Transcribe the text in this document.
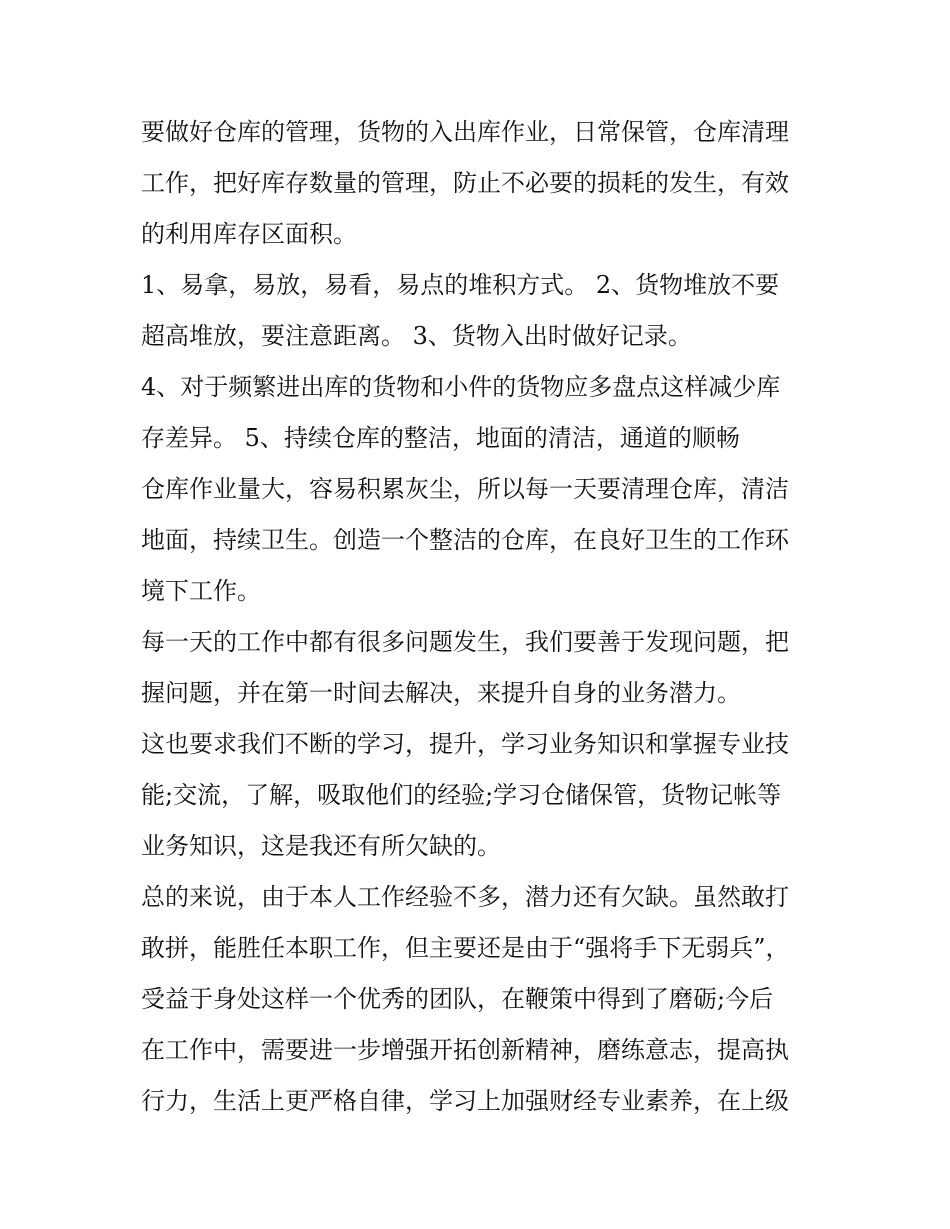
要做好仓库的管理，货物的入出库作业，日常保管，仓库清理
工作，把好库存数量的管理，防止不必要的损耗的发生，有效
的利用库存区面积。
1、易拿，易放，易看，易点的堆积方式。 2、货物堆放不要
超高堆放，要注意距离。 3、货物入出时做好记录。
4、对于频繁进出库的货物和小件的货物应多盘点这样减少库
存差异。 5、持续仓库的整洁，地面的清洁，通道的顺畅
仓库作业量大，容易积累灰尘，所以每一天要清理仓库，清洁
地面，持续卫生。创造一个整洁的仓库，在良好卫生的工作环
境下工作。
每一天的工作中都有很多问题发生，我们要善于发现问题，把
握问题，并在第一时间去解决，来提升自身的业务潜力。
这也要求我们不断的学习，提升，学习业务知识和掌握专业技
能;交流，了解，吸取他们的经验;学习仓储保管，货物记帐等
业务知识，这是我还有所欠缺的。
总的来说，由于本人工作经验不多，潜力还有欠缺。虽然敢打
敢拼，能胜任本职工作，但主要还是由于“强将手下无弱兵”，
受益于身处这样一个优秀的团队，在鞭策中得到了磨砺;今后
在工作中，需要进一步增强开拓创新精神，磨练意志，提高执
行力，生活上更严格自律，学习上加强财经专业素养，在上级
